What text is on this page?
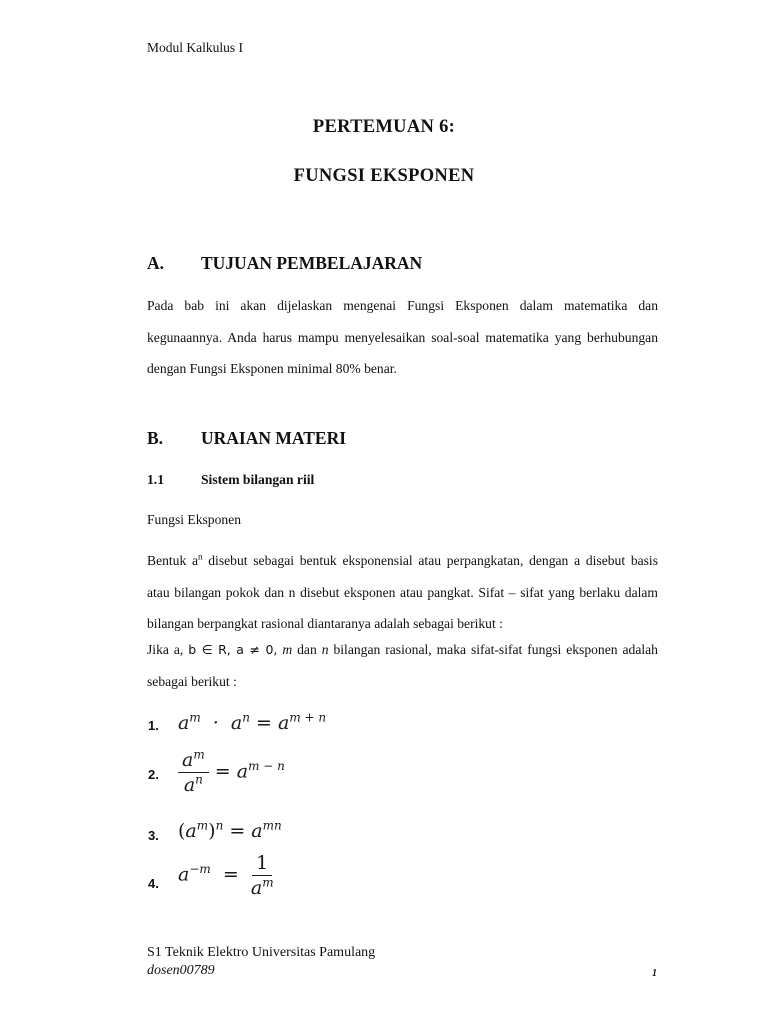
Modul Kalkulus I
PERTEMUAN 6:
FUNGSI EKSPONEN
A. TUJUAN PEMBELAJARAN
Pada bab ini akan dijelaskan mengenai Fungsi Eksponen dalam matematika dan kegunaannya. Anda harus mampu menyelesaikan soal-soal matematika yang berhubungan dengan Fungsi Eksponen minimal 80% benar.
B. URAIAN MATERI
1.1	Sistem bilangan riil
Fungsi Eksponen
Bentuk $a^n$ disebut sebagai bentuk eksponensial atau perpangkatan, dengan a disebut basis atau bilangan pokok dan n disebut eksponen atau pangkat. Sifat – sifat yang berlaku dalam bilangan berpangkat rasional diantaranya adalah sebagai berikut :
Jika a, b ∈ R, a ≠ 0, m dan n bilangan rasional, maka sifat-sifat fungsi eksponen adalah sebagai berikut :
1. $a^m \cdot a^n = a^{m + n}$
2. $\frac{a^m}{a^n} = a^{m - n}$
3. $(a^m)^n = a^{mn}$
4. $a^{-m} = \frac{1}{a^m}$
S1 Teknik Elektro Universitas Pamulang
dosen00789	1
